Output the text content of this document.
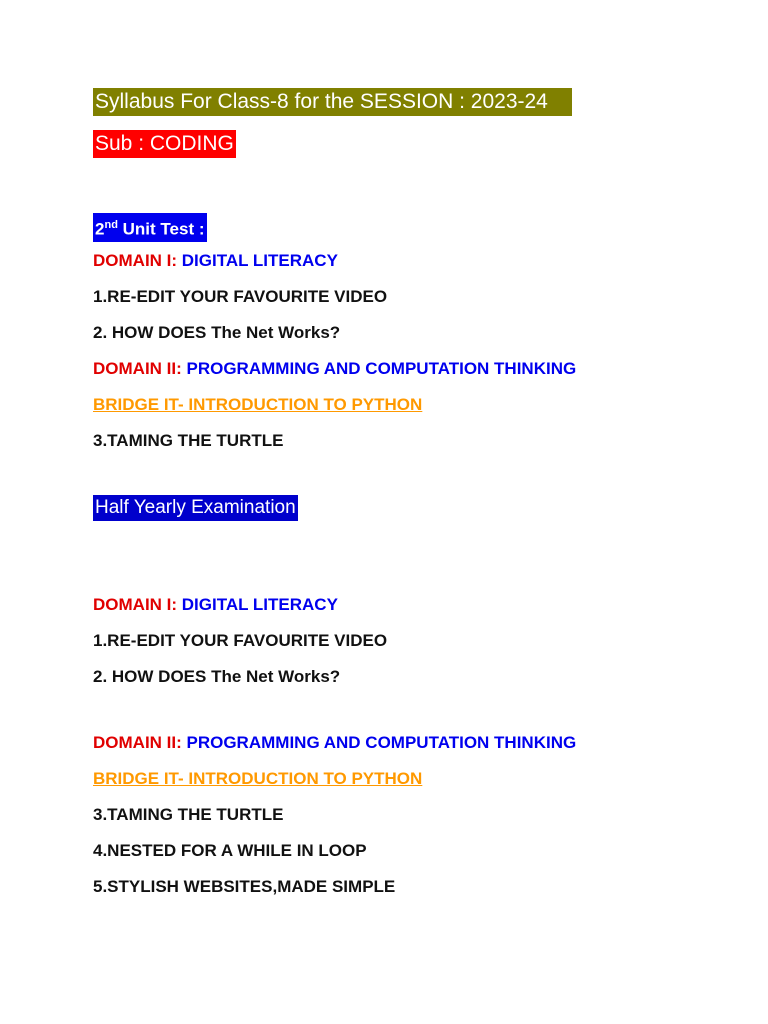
Syllabus For Class-8 for the SESSION : 2023-24
Sub : CODING
2nd Unit Test :
DOMAIN I: DIGITAL LITERACY
1.RE-EDIT YOUR FAVOURITE VIDEO
2. HOW DOES The Net Works?
DOMAIN II: PROGRAMMING AND COMPUTATION THINKING
BRIDGE IT- INTRODUCTION TO PYTHON
3.TAMING THE TURTLE
Half Yearly Examination
DOMAIN I: DIGITAL LITERACY
1.RE-EDIT YOUR FAVOURITE VIDEO
2. HOW DOES The Net Works?
DOMAIN II: PROGRAMMING AND COMPUTATION THINKING
BRIDGE IT- INTRODUCTION TO PYTHON
3.TAMING THE TURTLE
4.NESTED FOR A WHILE IN LOOP
5.STYLISH WEBSITES,MADE SIMPLE
